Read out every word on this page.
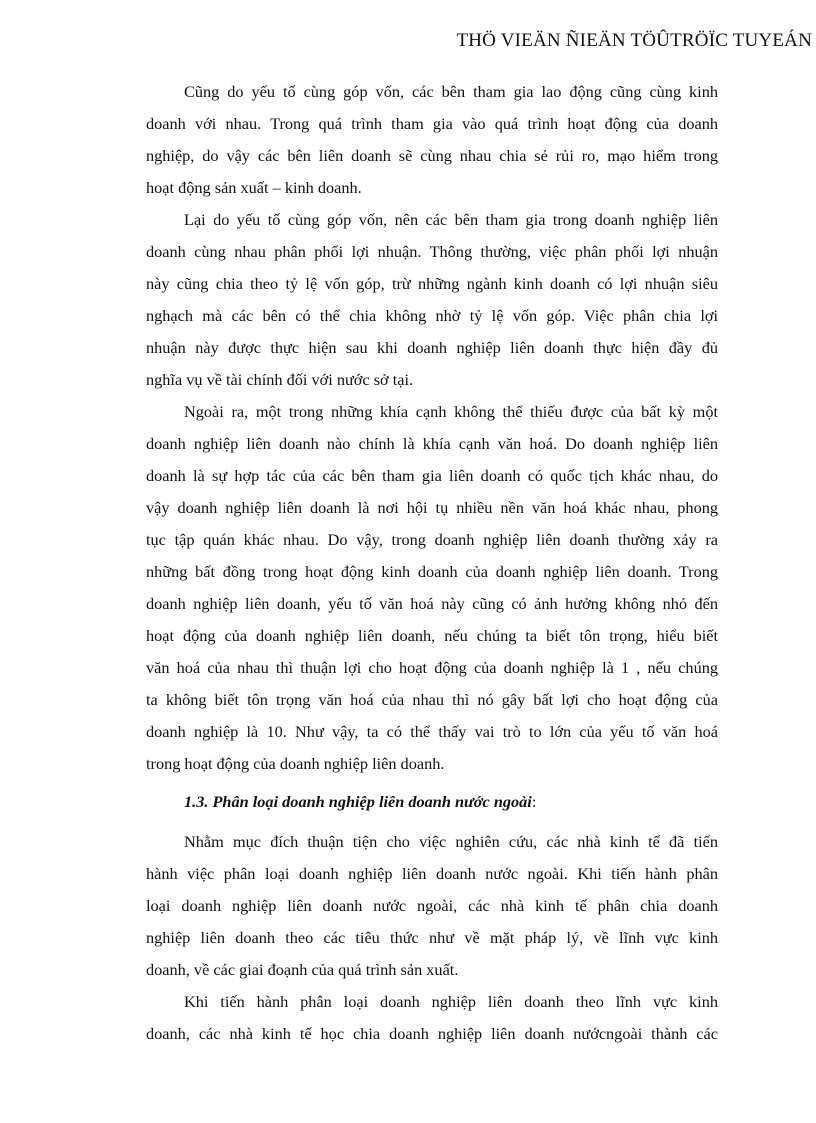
THÖ VIEÄN ÑIEÄN TÖÛTRÖÏC TUYEÁN
Cũng do yếu tố cùng góp vốn, các bên tham gia lao động cũng cùng kinh
doanh với nhau. Trong quá trình tham gia vào quá trình hoạt động của doanh
nghiệp, do vậy các bên liên doanh sẽ cùng nhau chia sẻ rủi ro, mạo hiểm trong
hoạt động sản xuất – kinh doanh.
Lại do yếu tố cùng góp vốn, nên các bên tham gia trong doanh nghiệp liên
doanh cùng nhau phân phối lợi nhuận. Thông thường, việc phân phối lợi nhuận
này cũng chia theo tỷ lệ vốn góp, trừ những ngành kinh doanh có lợi nhuận siêu
nghạch mà các bên có thể chia không nhờ tỷ lệ vốn góp. Việc phân chia lợi
nhuận này được thực hiện sau khi doanh nghiệp liên doanh thực hiện đầy đủ
nghĩa vụ về tài chính đối với nước sở tại.
Ngoài ra, một trong những khía cạnh không thể thiếu được của bất kỳ một
doanh nghiệp liên doanh nào chính là khía cạnh văn hoá. Do doanh nghiệp liên
doanh là sự hợp tác của các bên tham gia liên doanh có quốc tịch khác nhau, do
vậy doanh nghiệp liên doanh là nơi hội tụ nhiều nền văn hoá khác nhau, phong
tục tập quán khác nhau. Do vậy, trong doanh nghiệp liên doanh thường xảy ra
những bất đồng trong hoạt động kinh doanh của doanh nghiệp liên doanh. Trong
doanh nghiệp liên doanh, yếu tố văn hoá này cũng có ảnh hưởng không nhỏ đến
hoạt động của doanh nghiệp liên doanh, nếu chúng ta biết tôn trọng, hiểu biết
văn hoá của nhau thì thuận lợi cho hoạt động của doanh nghiệp là 1 , nếu chúng
ta không biết tôn trọng văn hoá của nhau thì nó gây bất lợi cho hoạt động của
doanh nghiệp là 10. Như vậy, ta có thể thấy vai trò to lớn của yếu tố văn hoá
trong hoạt động của doanh nghiệp liên doanh.
1.3. Phân loại doanh nghiệp liên doanh nước ngoài:
Nhằm mục đích thuận tiện cho việc nghiên cứu, các nhà kinh tế đã tiến
hành việc phân loại doanh nghiệp liên doanh nước ngoài. Khi tiến hành phân
loại doanh nghiệp liên doanh nước ngoài, các nhà kinh tế phân chia doanh
nghiệp liên doanh theo các tiêu thức như về mặt pháp lý, về lĩnh vực kinh
doanh, về các giai đoạnh của quá trình sản xuất.
Khi tiến hành phân loại doanh nghiệp liên doanh theo lĩnh vực kinh
doanh, các nhà kinh tế học chia doanh nghiệp liên doanh nướcngoài thành các
